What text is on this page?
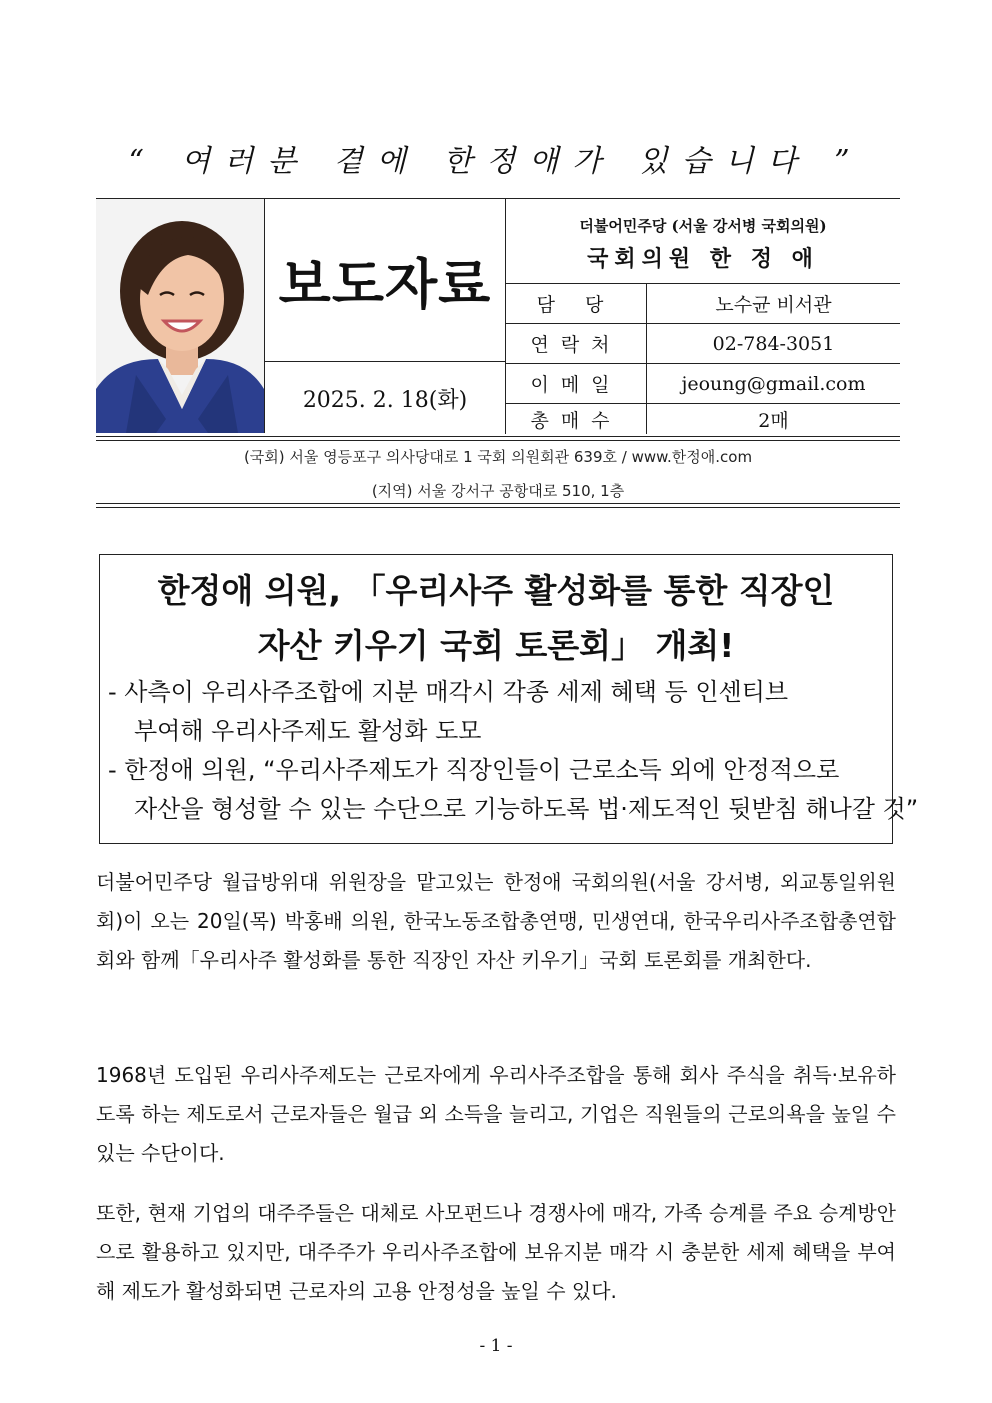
“ 여러분 곁에 한정애가 있습니다 ”
보도자료
2025. 2. 18(화)
더불어민주당 (서울 강서병 국회의원)
국회의원 한 정 애
담 당	노수균 비서관
연락처	02-784-3051
이메일	jeoung@gmail.com
총매수	2매
(국회) 서울 영등포구 의사당대로 1 국회 의원회관 639호 / www.한정애.com
(지역) 서울 강서구 공항대로 510, 1층
한정애 의원, 「우리사주 활성화를 통한 직장인
자산 키우기 국회 토론회」 개최!
- 사측이 우리사주조합에 지분 매각시 각종 세제 혜택 등 인센티브
부여해 우리사주제도 활성화 도모
- 한정애 의원, “우리사주제도가 직장인들이 근로소득 외에 안정적으로
자산을 형성할 수 있는 수단으로 기능하도록 법·제도적인 뒷받침 해나갈 것”

더불어민주당 월급방위대 위원장을 맡고있는 한정애 국회의원(서울 강서병, 외교통일위원회)이 오는 20일(목) 박홍배 의원, 한국노동조합총연맹, 민생연대, 한국우리사주조합총연합회와 함께「우리사주 활성화를 통한 직장인 자산 키우기」국회 토론회를 개최한다.

1968년 도입된 우리사주제도는 근로자에게 우리사주조합을 통해 회사 주식을 취득·보유하도록 하는 제도로서 근로자들은 월급 외 소득을 늘리고, 기업은 직원들의 근로의욕을 높일 수 있는 수단이다.

또한, 현재 기업의 대주주들은 대체로 사모펀드나 경쟁사에 매각, 가족 승계를 주요 승계방안으로 활용하고 있지만, 대주주가 우리사주조합에 보유지분 매각 시 충분한 세제 혜택을 부여해 제도가 활성화되면 근로자의 고용 안정성을 높일 수 있다.

- 1 -
